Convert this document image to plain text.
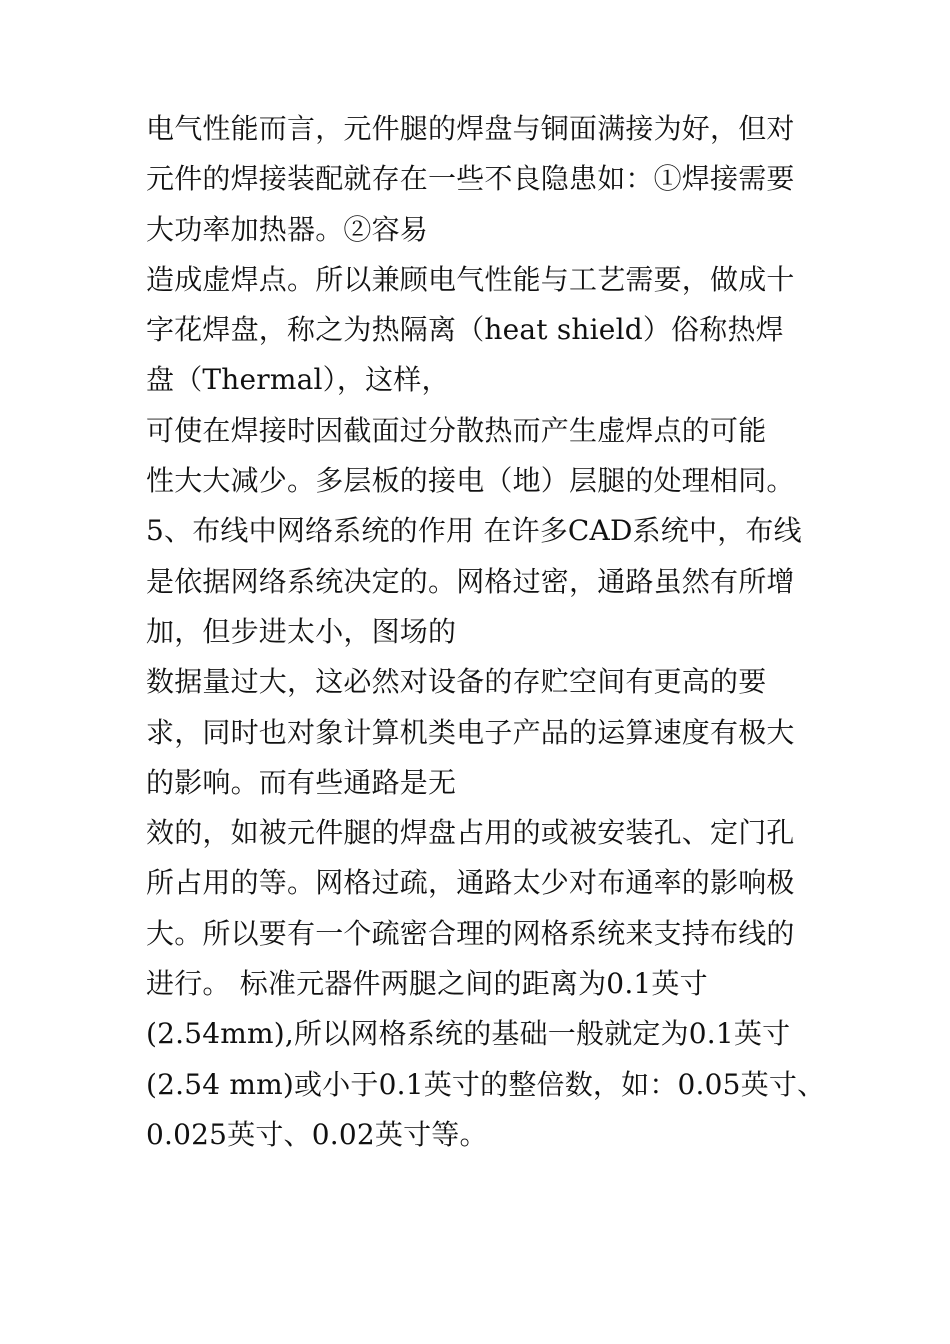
电气性能而言，元件腿的焊盘与铜面满接为好，但对
元件的焊接装配就存在一些不良隐患如：①焊接需要
大功率加热器。②容易
造成虚焊点。所以兼顾电气性能与工艺需要，做成十
字花焊盘，称之为热隔离（heat shield）俗称热焊
盘（Thermal），这样，
可使在焊接时因截面过分散热而产生虚焊点的可能
性大大减少。多层板的接电（地）层腿的处理相同。
5、布线中网络系统的作用 在许多CAD系统中，布线
是依据网络系统决定的。网格过密，通路虽然有所增
加，但步进太小，图场的
数据量过大，这必然对设备的存贮空间有更高的要
求，同时也对象计算机类电子产品的运算速度有极大
的影响。而有些通路是无
效的，如被元件腿的焊盘占用的或被安装孔、定门孔
所占用的等。网格过疏，通路太少对布通率的影响极
大。所以要有一个疏密合理的网格系统来支持布线的
进行。 标准元器件两腿之间的距离为0.1英寸
(2.54mm),所以网格系统的基础一般就定为0.1英寸
(2.54 mm)或小于0.1英寸的整倍数，如：0.05英寸、
0.025英寸、0.02英寸等。
